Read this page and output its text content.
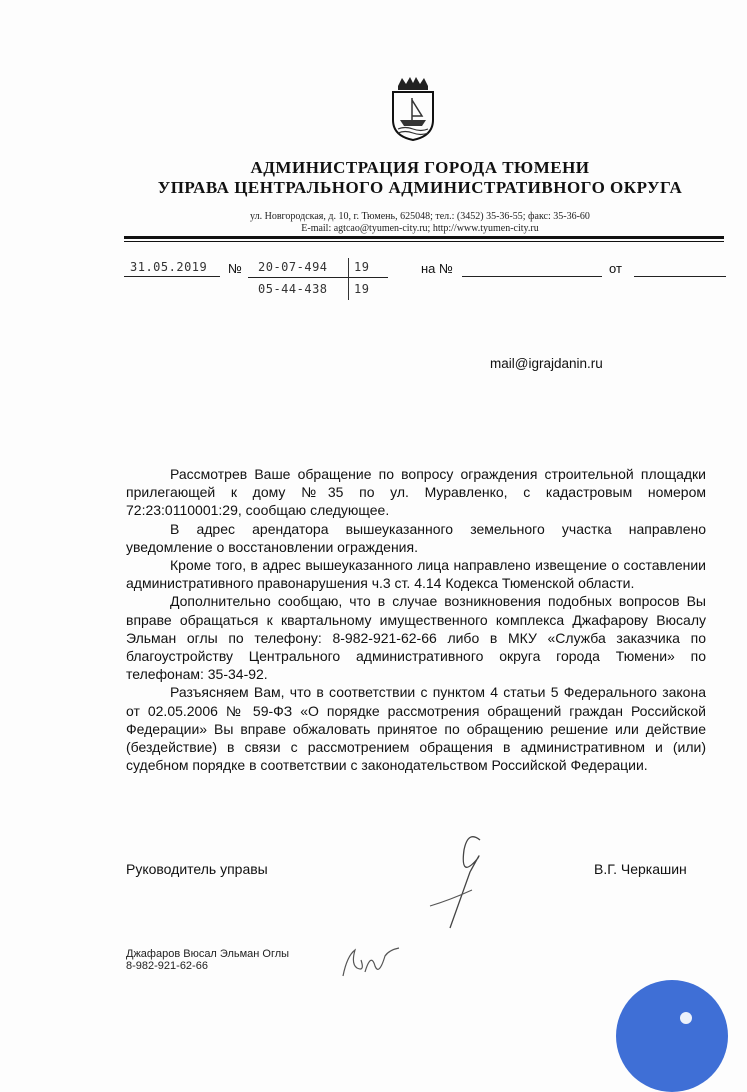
АДМИНИСТРАЦИЯ ГОРОДА ТЮМЕНИ
УПРАВА ЦЕНТРАЛЬНОГО АДМИНИСТРАТИВНОГО ОКРУГА
ул. Новгородская, д. 10, г. Тюмень, 625048; тел.: (3452) 35-36-55; факс: 35-36-60
E-mail: agtcao@tyumen-city.ru; http://www.tyumen-city.ru
31.05.2019 № 20-07-494 19
05-44-438 19
на №	от
mail@igrajdanin.ru

Рассмотрев Ваше обращение по вопросу ограждения строительной площадки прилегающей к дому №35 по ул. Муравленко, с кадастровым номером 72:23:0110001:29, сообщаю следующее.

В адрес арендатора вышеуказанного земельного участка направлено уведомление о восстановлении ограждения.

Кроме того, в адрес вышеуказанного лица направлено извещение о составлении административного правонарушения ч.3 ст. 4.14 Кодекса Тюменской области.

Дополнительно сообщаю, что в случае возникновения подобных вопросов Вы вправе обращаться к квартальному имущественного комплекса Джафарову Вюсалу Эльман оглы по телефону: 8-982-921-62-66 либо в МКУ «Служба заказчика по благоустройству Центрального административного округа города Тюмени» по телефонам: 35-34-92.

Разъясняем Вам, что в соответствии с пунктом 4 статьи 5 Федерального закона от 02.05.2006 № 59-ФЗ «О порядке рассмотрения обращений граждан Российской Федерации» Вы вправе обжаловать принятое по обращению решение или действие (бездействие) в связи с рассмотрением обращения в административном и (или) судебном порядке в соответствии с законодательством Российской Федерации.

Руководитель управы	В.Г. Черкашин
Джафаров Вюсал Эльман Оглы
8-982-921-62-66
